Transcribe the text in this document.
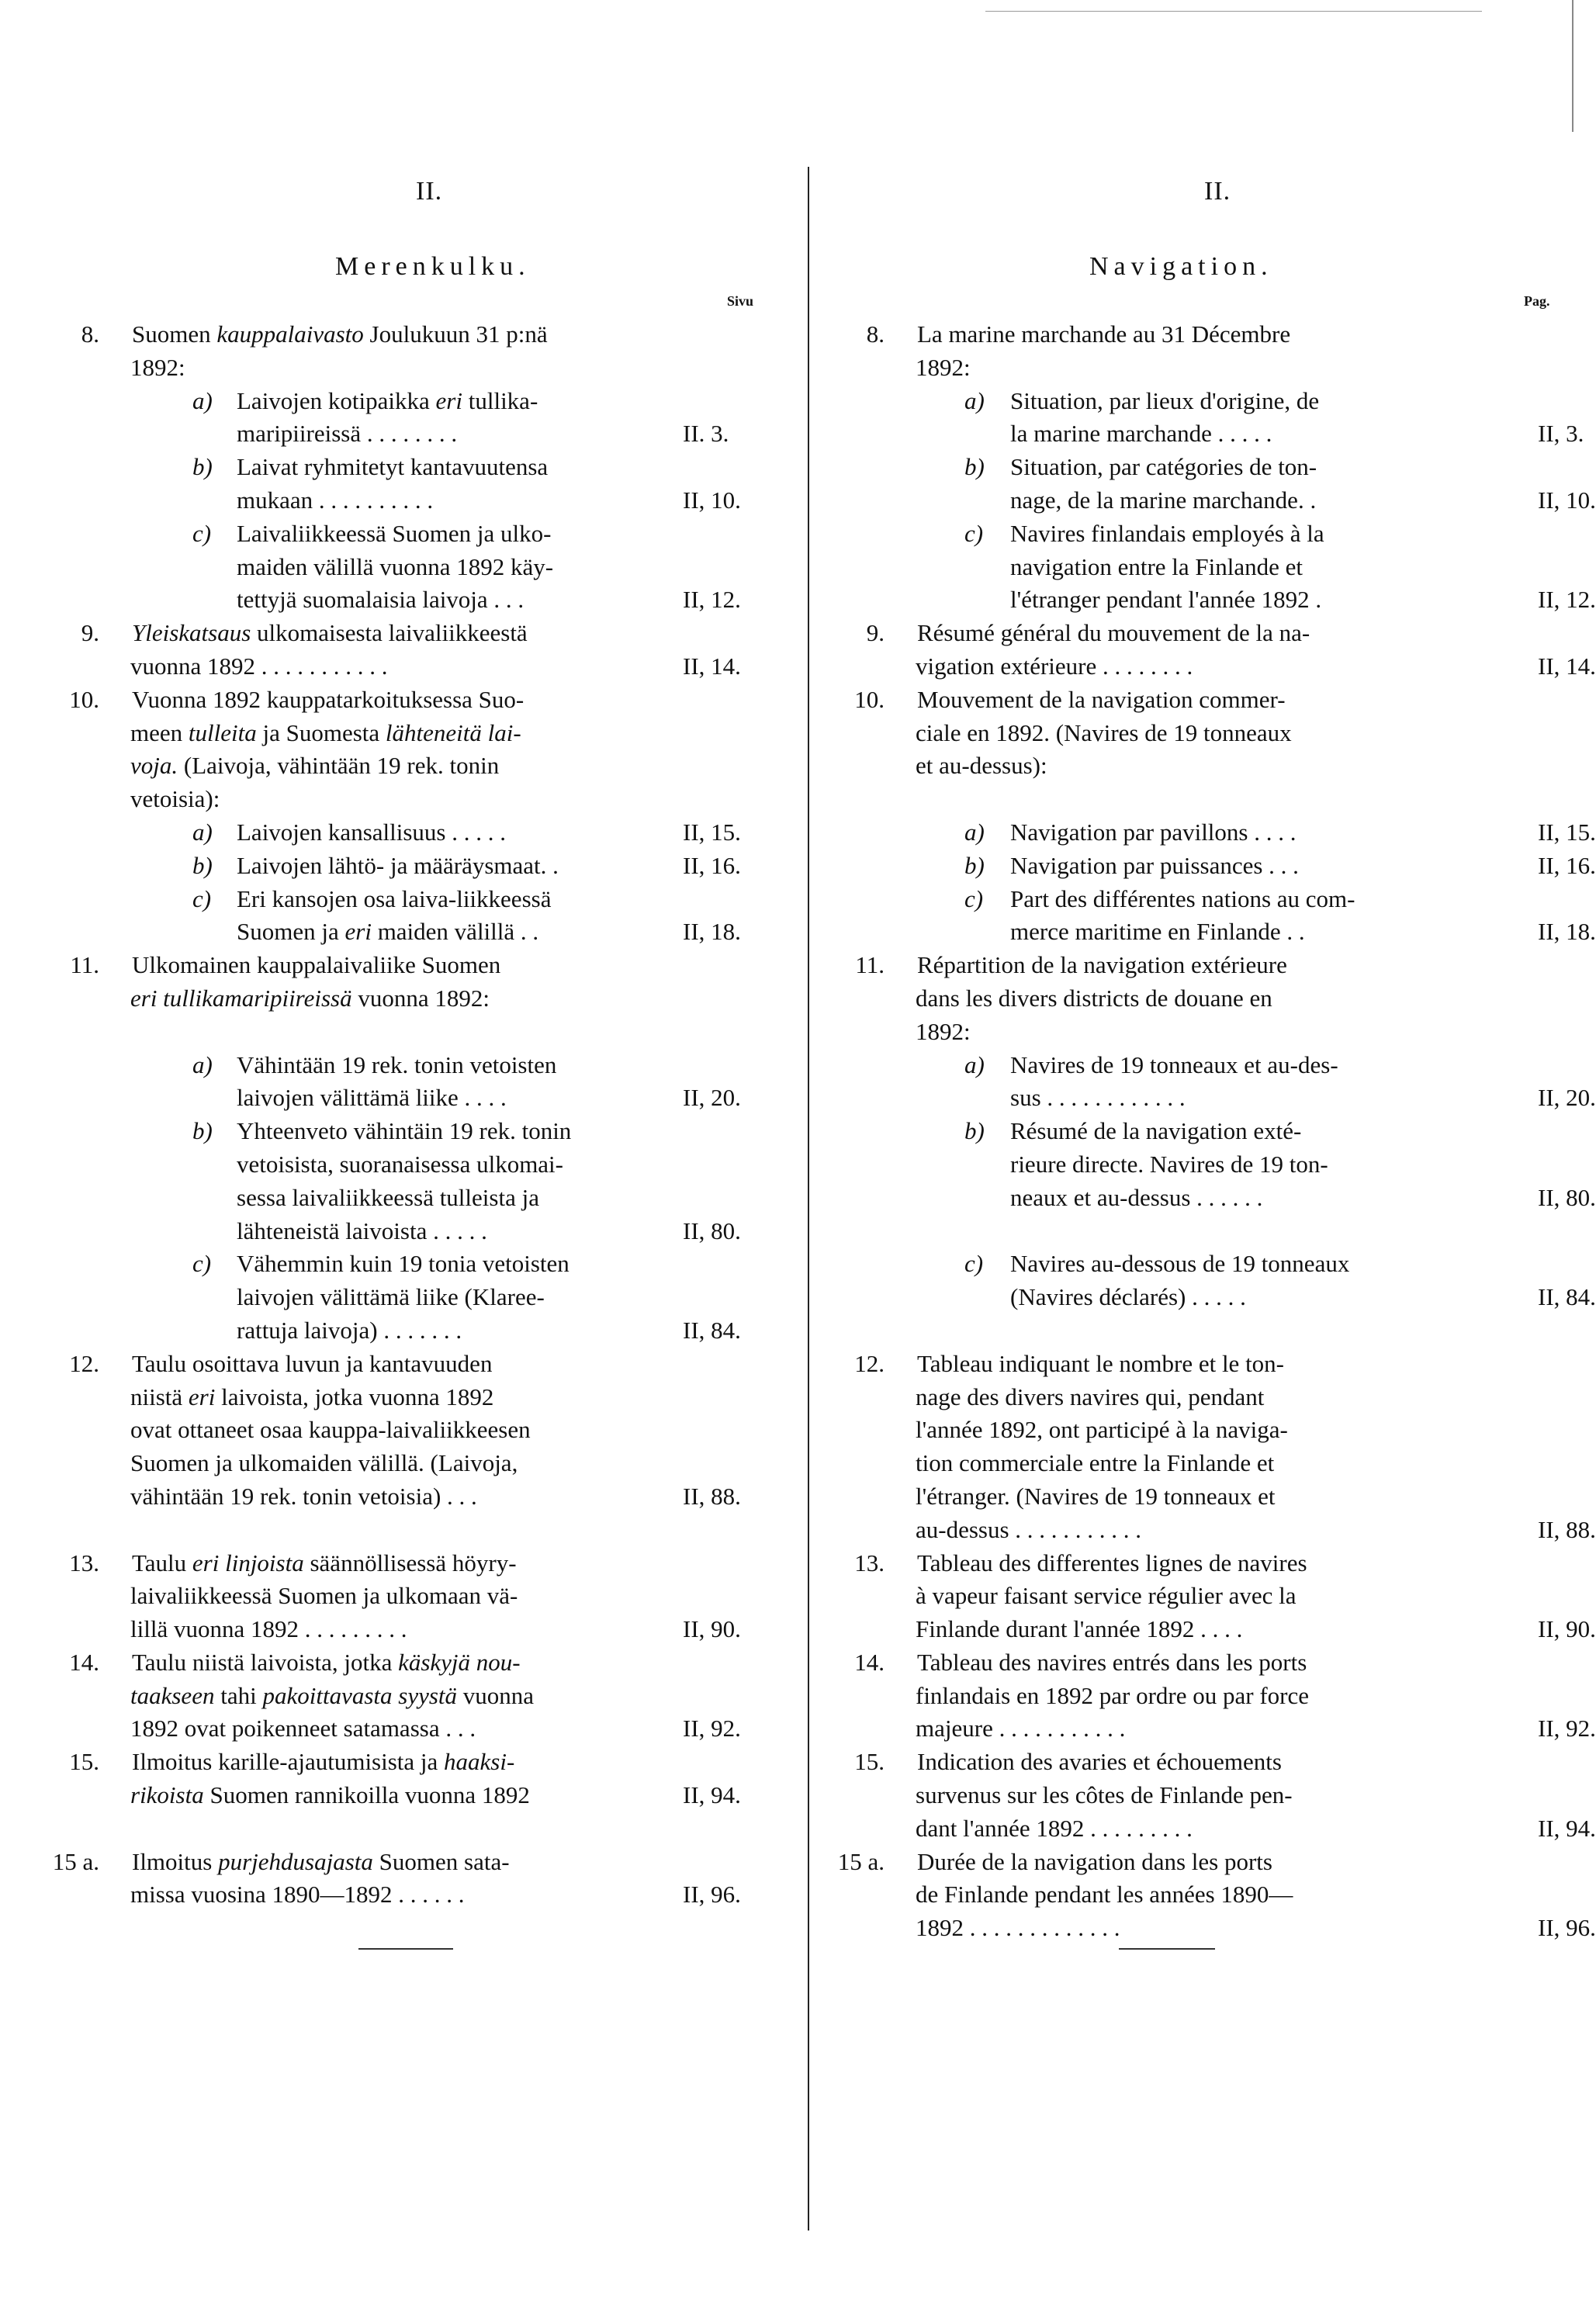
II.
Merenkulku.
Sivu
8. Suomen kauppalaivasto Joulukuun 31 p:nä
1892:
a) Laivojen kotipaikka eri tullika-
maripiireissä . . . . . . . .	II. 3.
b) Laivat ryhmitetyt kantavuutensa
mukaan . . . . . . . . . .	II, 10.
c) Laivaliikkeessä Suomen ja ulko-
maiden välillä vuonna 1892 käy-
tettyjä suomalaisia laivoja . . .	II, 12.
9. Yleiskatsaus ulkomaisesta laivaliikkeestä
vuonna 1892 . . . . . . . . . . .	II, 14.
10. Vuonna 1892 kauppatarkoituksessa Suo-
meen tulleita ja Suomesta lähteneitä lai-
voja. (Laivoja, vähintään 19 rek. tonin
vetoisia):
a) Laivojen kansallisuus . . . . .	II, 15.
b) Laivojen lähtö- ja määräysmaat. .	II, 16.
c) Eri kansojen osa laiva-liikkeessä
Suomen ja eri maiden välillä . .	II, 18.
11. Ulkomainen kauppalaivaliike Suomen
eri tullikamaripiireissä vuonna 1892:
a) Vähintään 19 rek. tonin vetoisten
laivojen välittämä liike . . . .	II, 20.
b) Yhteenveto vähintäin 19 rek. tonin
vetoisista, suoranaisessa ulkomai-
sessa laivaliikkeessä tulleista ja
lähteneistä laivoista . . . . .	II, 80.
c) Vähemmin kuin 19 tonia vetoisten
laivojen välittämä liike (Klaree-
rattuja laivoja) . . . . . . .	II, 84.
12. Taulu osoittava luvun ja kantavuuden
niistä eri laivoista, jotka vuonna 1892
ovat ottaneet osaa kauppa-laivaliikkeesen
Suomen ja ulkomaiden välillä. (Laivoja,
vähintään 19 rek. tonin vetoisia) . . .	II, 88.
13. Taulu eri linjoista säännöllisessä höyry-
laivaliikkeessä Suomen ja ulkomaan vä-
lillä vuonna 1892 . . . . . . . . .	II, 90.
14. Taulu niistä laivoista, jotka käskyjä nou-
taakseen tahi pakoittavasta syystä vuonna
1892 ovat poikenneet satamassa . . .	II, 92.
15. Ilmoitus karille-ajautumisista ja haaksi-
rikoista Suomen rannikoilla vuonna 1892	II, 94.
15 a. Ilmoitus purjehdusajasta Suomen sata-
missa vuosina 1890—1892 . . . . . .	II, 96.
II.
Navigation.
Pag.
8. La marine marchande au 31 Décembre
1892:
a) Situation, par lieux d'origine, de
la marine marchande . . . . .	II, 3.
b) Situation, par catégories de ton-
nage, de la marine marchande. .	II, 10.
c) Navires finlandais employés à la
navigation entre la Finlande et
l'étranger pendant l'année 1892 .	II, 12.
9. Résumé général du mouvement de la na-
vigation extérieure . . . . . . . .	II, 14.
10. Mouvement de la navigation commer-
ciale en 1892. (Navires de 19 tonneaux
et au-dessus):
a) Navigation par pavillons . . . .	II, 15.
b) Navigation par puissances . . .	II, 16.
c) Part des différentes nations au com-
merce maritime en Finlande . .	II, 18.
11. Répartition de la navigation extérieure
dans les divers districts de douane en
1892:
a) Navires de 19 tonneaux et au-des-
sus . . . . . . . . . . . .	II, 20.
b) Résumé de la navigation exté-
rieure directe. Navires de 19 ton-
neaux et au-dessus . . . . . .	II, 80.
c) Navires au-dessous de 19 tonneaux
(Navires déclarés) . . . . .	II, 84.
12. Tableau indiquant le nombre et le ton-
nage des divers navires qui, pendant
l'année 1892, ont participé à la naviga-
tion commerciale entre la Finlande et
l'étranger. (Navires de 19 tonneaux et
au-dessus . . . . . . . . . . .	II, 88.
13. Tableau des differentes lignes de navires
à vapeur faisant service régulier avec la
Finlande durant l'année 1892 . . . .	II, 90.
14. Tableau des navires entrés dans les ports
finlandais en 1892 par ordre ou par force
majeure . . . . . . . . . . .	II, 92.
15. Indication des avaries et échouements
survenus sur les côtes de Finlande pen-
dant l'année 1892 . . . . . . . . .	II, 94.
15 a. Durée de la navigation dans les ports
de Finlande pendant les années 1890—
1892 . . . . . . . . . . . . .	II, 96.
